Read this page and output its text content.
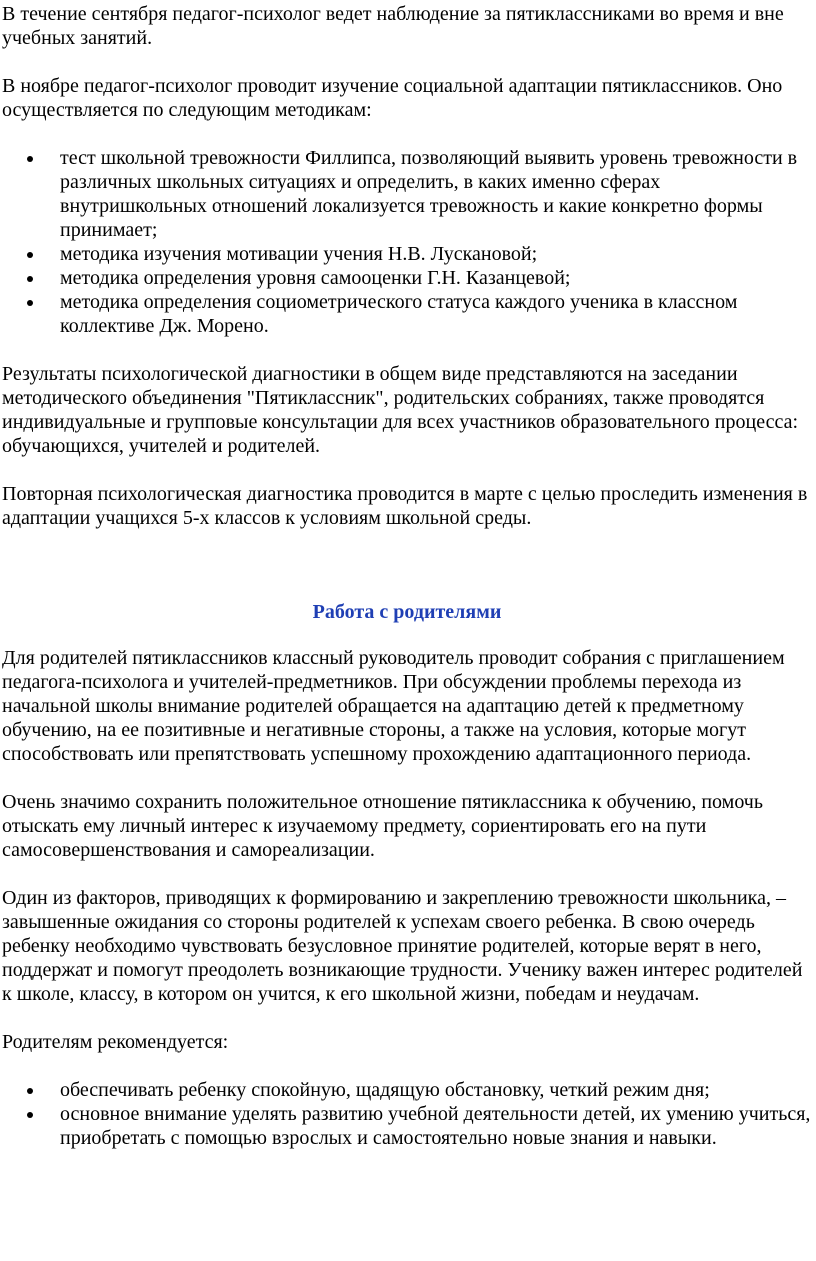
В течение сентября педагог-психолог ведет наблюдение за пятиклассниками во время и вне учебных занятий.

В ноябре педагог-психолог проводит изучение социальной адаптации пятиклассников. Оно осуществляется по следующим методикам:

тест школьной тревожности Филлипса, позволяющий выявить уровень тревожности в различных школьных ситуациях и определить, в каких именно сферах внутришкольных отношений локализуется тревожность и какие конкретно формы принимает;
методика изучения мотивации учения Н.В. Лускановой;
методика определения уровня самооценки Г.Н. Казанцевой;
методика определения социометрического статуса каждого ученика в классном коллективе Дж. Морено.

Результаты психологической диагностики в общем виде представляются на заседании методического объединения "Пятиклассник", родительских собраниях, также проводятся индивидуальные и групповые консультации для всех участников образовательного процесса: обучающихся, учителей и родителей.

Повторная психологическая диагностика проводится в марте с целью проследить изменения в адаптации учащихся 5-х классов к условиям школьной среды.

Работа с родителями

Для родителей пятиклассников классный руководитель проводит собрания с приглашением педагога-психолога и учителей-предметников. При обсуждении проблемы перехода из начальной школы внимание родителей обращается на адаптацию детей к предметному обучению, на ее позитивные и негативные стороны, а также на условия, которые могут способствовать или препятствовать успешному прохождению адаптационного периода.

Очень значимо сохранить положительное отношение пятиклассника к обучению, помочь отыскать ему личный интерес к изучаемому предмету, сориентировать его на пути самосовершенствования и самореализации.

Один из факторов, приводящих к формированию и закреплению тревожности школьника, – завышенные ожидания со стороны родителей к успехам своего ребенка. В свою очередь ребенку необходимо чувствовать безусловное принятие родителей, которые верят в него, поддержат и помогут преодолеть возникающие трудности. Ученику важен интерес родителей к школе, классу, в котором он учится, к его школьной жизни, победам и неудачам.

Родителям рекомендуется:

обеспечивать ребенку спокойную, щадящую обстановку, четкий режим дня;
основное внимание уделять развитию учебной деятельности детей, их умению учиться, приобретать с помощью взрослых и самостоятельно новые знания и навыки.
